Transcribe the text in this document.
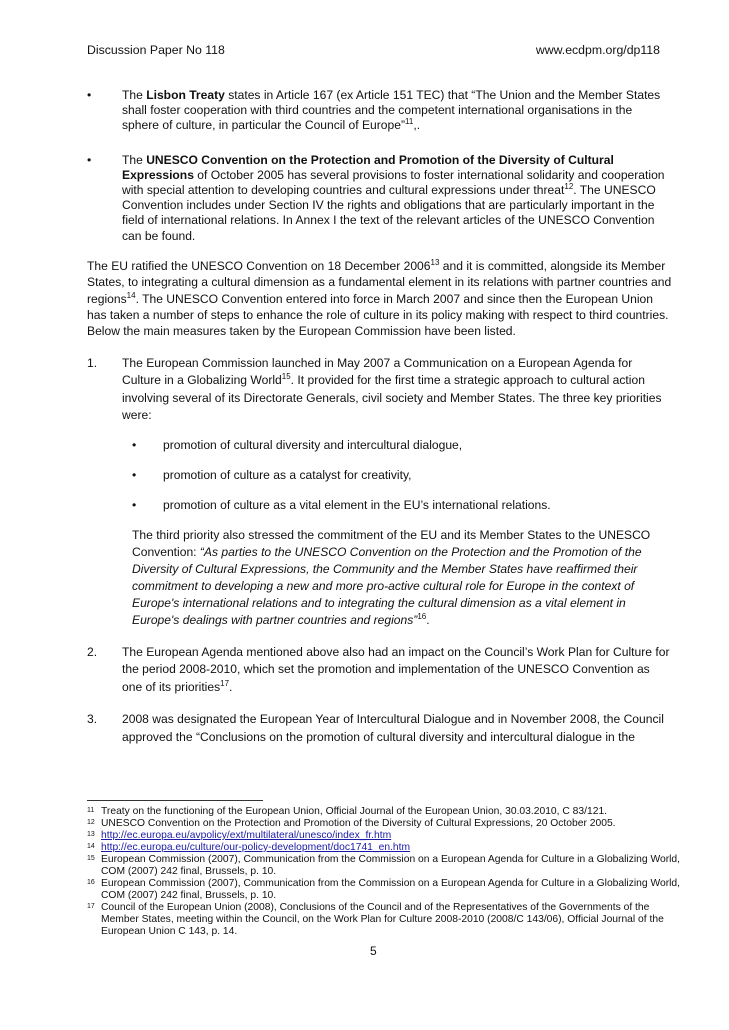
Discussion Paper No 118	www.ecdpm.org/dp118
•	The Lisbon Treaty states in Article 167 (ex Article 151 TEC) that “The Union and the Member States shall foster cooperation with third countries and the competent international organisations in the sphere of culture, in particular the Council of Europe”$^{11}$,.
•	The UNESCO Convention on the Protection and Promotion of the Diversity of Cultural Expressions of October 2005 has several provisions to foster international solidarity and cooperation with special attention to developing countries and cultural expressions under threat$^{12}$. The UNESCO Convention includes under Section IV the rights and obligations that are particularly important in the field of international relations. In Annex I the text of the relevant articles of the UNESCO Convention can be found.
The EU ratified the UNESCO Convention on 18 December 2006$^{13}$ and it is committed, alongside its Member States, to integrating a cultural dimension as a fundamental element in its relations with partner countries and regions$^{14}$. The UNESCO Convention entered into force in March 2007 and since then the European Union has taken a number of steps to enhance the role of culture in its policy making with respect to third countries. Below the main measures taken by the European Commission have been listed.
1. The European Commission launched in May 2007 a Communication on a European Agenda for Culture in a Globalizing World$^{15}$. It provided for the first time a strategic approach to cultural action involving several of its Directorate Generals, civil society and Member States. The three key priorities were:
• promotion of cultural diversity and intercultural dialogue,
• promotion of culture as a catalyst for creativity,
• promotion of culture as a vital element in the EU’s international relations.
The third priority also stressed the commitment of the EU and its Member States to the UNESCO Convention: “As parties to the UNESCO Convention on the Protection and the Promotion of the Diversity of Cultural Expressions, the Community and the Member States have reaffirmed their commitment to developing a new and more pro-active cultural role for Europe in the context of Europe's international relations and to integrating the cultural dimension as a vital element in Europe's dealings with partner countries and regions”$^{16}$.
2. The European Agenda mentioned above also had an impact on the Council’s Work Plan for Culture for the period 2008-2010, which set the promotion and implementation of the UNESCO Convention as one of its priorities$^{17}$.
3. 2008 was designated the European Year of Intercultural Dialogue and in November 2008, the Council approved the “Conclusions on the promotion of cultural diversity and intercultural dialogue in the
11 Treaty on the functioning of the European Union, Official Journal of the European Union, 30.03.2010, C 83/121.
12 UNESCO Convention on the Protection and Promotion of the Diversity of Cultural Expressions, 20 October 2005.
13 http://ec.europa.eu/avpolicy/ext/multilateral/unesco/index_fr.htm
14 http://ec.europa.eu/culture/our-policy-development/doc1741_en.htm
15 European Commission (2007), Communication from the Commission on a European Agenda for Culture in a Globalizing World, COM (2007) 242 final, Brussels, p. 10.
16 European Commission (2007), Communication from the Commission on a European Agenda for Culture in a Globalizing World, COM (2007) 242 final, Brussels, p. 10.
17 Council of the European Union (2008), Conclusions of the Council and of the Representatives of the Governments of the Member States, meeting within the Council, on the Work Plan for Culture 2008-2010 (2008/C 143/06), Official Journal of the European Union C 143, p. 14.
5
